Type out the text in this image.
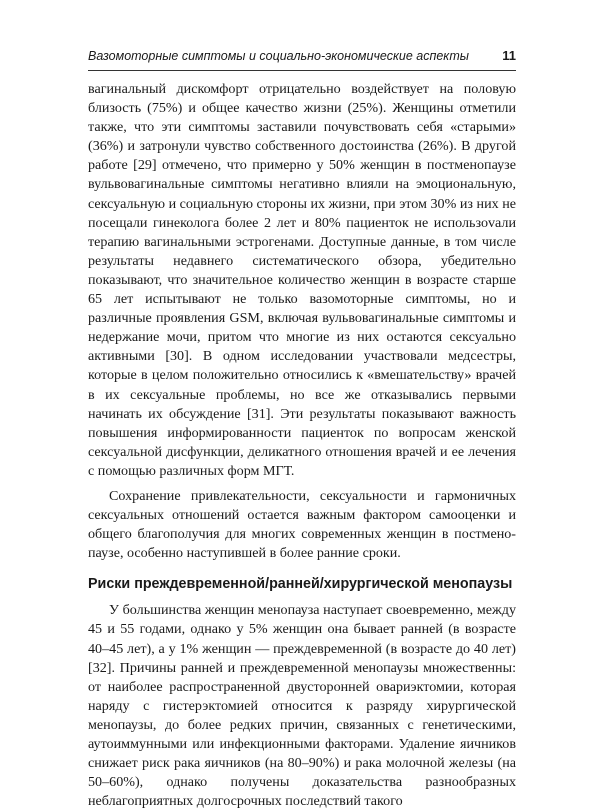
Вазомоторные симптомы и социально-экономические аспекты	11

вагинальный дискомфорт отрицательно воздействует на половую близость (75%) и общее качество жизни (25%). Женщины отметили также, что эти симптомы заставили почувствовать себя «старыми» (36%) и затронули чувство собственного достоинства (26%). В другой работе [29] отмечено, что примерно у 50% женщин в постменопаузе вульвовагинальные симптомы негативно влияли на эмоциональную, сексуальную и социальную стороны их жизни, при этом 30% из них не посещали гинеколога более 2 лет и 80% пациенток не использоvали терапию вагинальными эстрогенами. Доступные данные, в том числе результаты недавнего систематического обзора, убедительно показывают, что значительное количество женщин в возрасте старше 65 лет испытывают не только вазомоторные симптомы, но и различные проявления GSM, включая вульвовагинальные симптомы и недержание мочи, притом что многие из них остаются сексуально активными [30]. В одном исследовании участвовали медсестры, которые в целом положительно относились к «вмешательству» врачей в их сексуальные проблемы, но все же отказывались первыми начинать их обсуждение [31]. Эти результаты показывают важность повышения информированности пациенток по вопросам женской сексуальной дисфункции, деликатного отношения врачей и ее лечения с помощью различных форм МГТ.

Сохранение привлекательности, сексуальности и гармоничных сексуальных отношений остается важным фактором самооценки и общего благополучия для многих современных женщин в постменопаузе, особенно наступившей в более ранние сроки.

Риски преждевременной/ранней/хирургической менопаузы

У большинства женщин менопауза наступает своевременно, между 45 и 55 годами, однако у 5% женщин она бывает ранней (в возрасте 40–45 лет), а у 1% женщин — преждевременной (в возрасте до 40 лет) [32]. Причины ранней и преждевременной менопаузы множественны: от наиболее распространенной двусторонней овариэктомии, которая наряду с гистерэктомией относится к разряду хирургической менопаузы, до более редких причин, связанных с генетическими, аутоиммунными или инфекционными факторами. Удаление яичников снижает риск рака яичников (на 80–90%) и рака молочной железы (на 50–60%), однако получены доказательства разнообразных неблагоприятных долгосрочных последствий такого
